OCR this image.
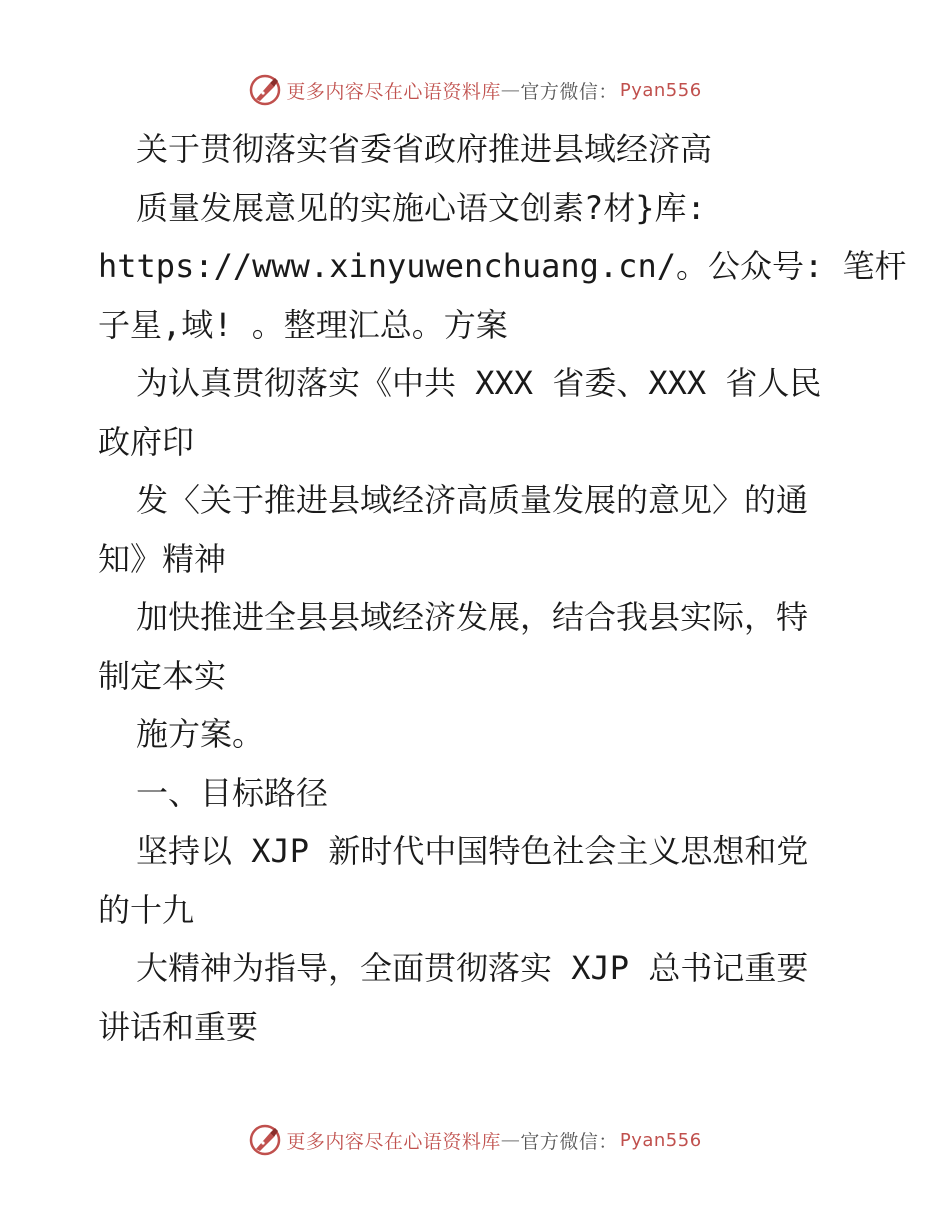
更多内容尽在心语资料库 — 官方微信： Pyan556
关于贯彻落实省委省政府推进县域经济高
质量发展意见的实施心语文创素?材}库:
https://www.xinyuwenchuang.cn/。公众号: 笔杆
子星,域! 。整理汇总。方案
为认真贯彻落实《中共 XXX 省委、XXX 省人民
政府印
发〈关于推进县域经济高质量发展的意见〉的通
知》精神
加快推进全县县域经济发展，结合我县实际，特
制定本实
施方案。
一、目标路径
坚持以 XJP 新时代中国特色社会主义思想和党
的十九
大精神为指导，全面贯彻落实 XJP 总书记重要
讲话和重要
更多内容尽在心语资料库 — 官方微信： Pyan556
